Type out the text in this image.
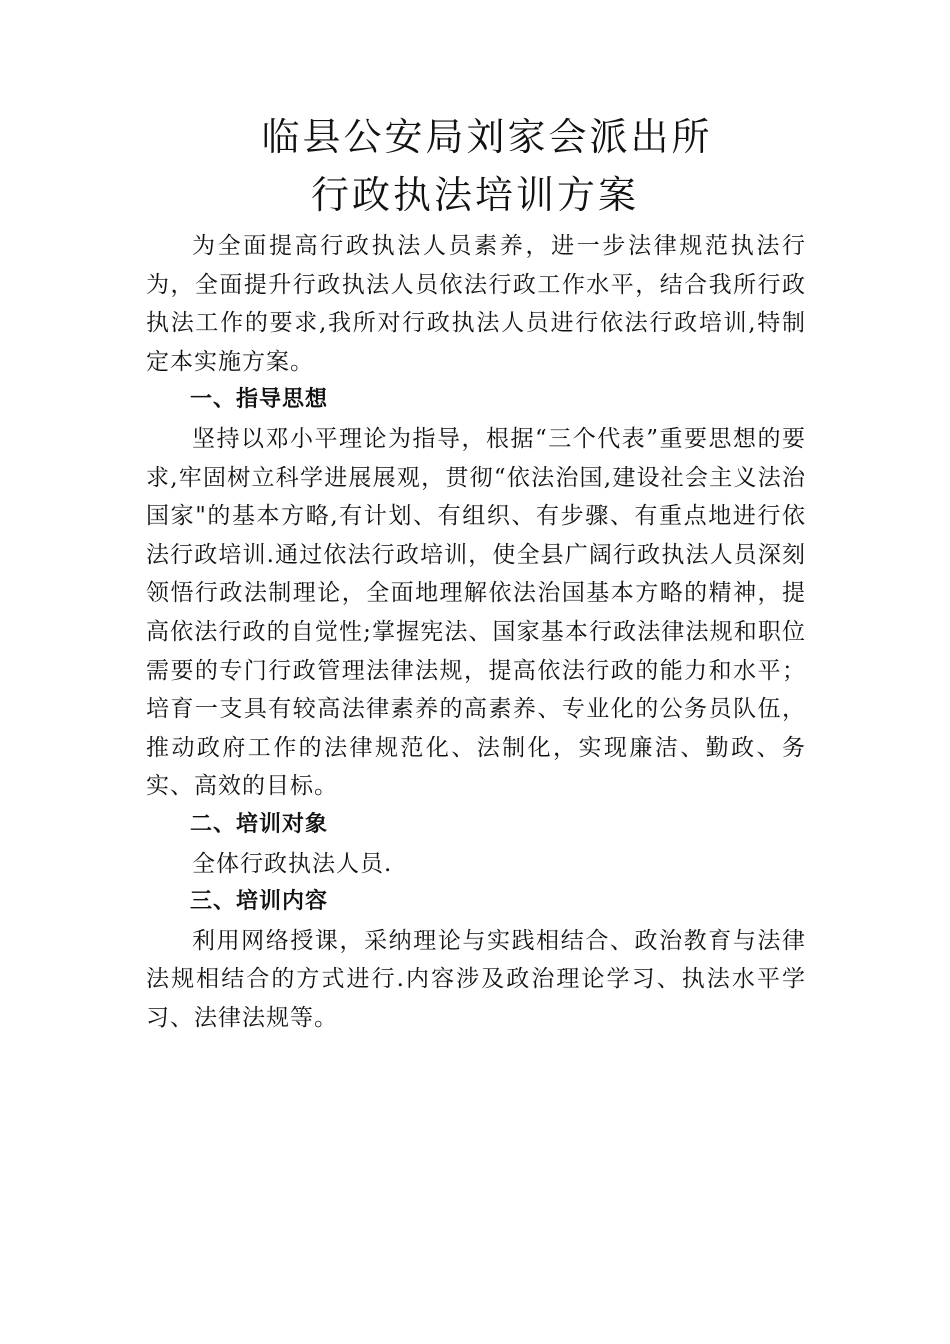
临县公安局刘家会派出所
行政执法培训方案

为全面提高行政执法人员素养，进一步法律规范执法行为，全面提升行政执法人员依法行政工作水平，结合我所行政执法工作的要求,我所对行政执法人员进行依法行政培训,特制定本实施方案。

一、指导思想

坚持以邓小平理论为指导，根据“三个代表”重要思想的要求,牢固树立科学进展展观，贯彻“依法治国,建设社会主义法治国家"的基本方略,有计划、有组织、有步骤、有重点地进行依法行政培训.通过依法行政培训，使全县广阔行政执法人员深刻领悟行政法制理论，全面地理解依法治国基本方略的精神，提高依法行政的自觉性;掌握宪法、国家基本行政法律法规和职位需要的专门行政管理法律法规，提高依法行政的能力和水平；培育一支具有较高法律素养的高素养、专业化的公务员队伍，推动政府工作的法律规范化、法制化，实现廉洁、勤政、务实、高效的目标。

二、培训对象

全体行政执法人员.

三、培训内容

利用网络授课，采纳理论与实践相结合、政治教育与法律法规相结合的方式进行.内容涉及政治理论学习、执法水平学习、法律法规等。
